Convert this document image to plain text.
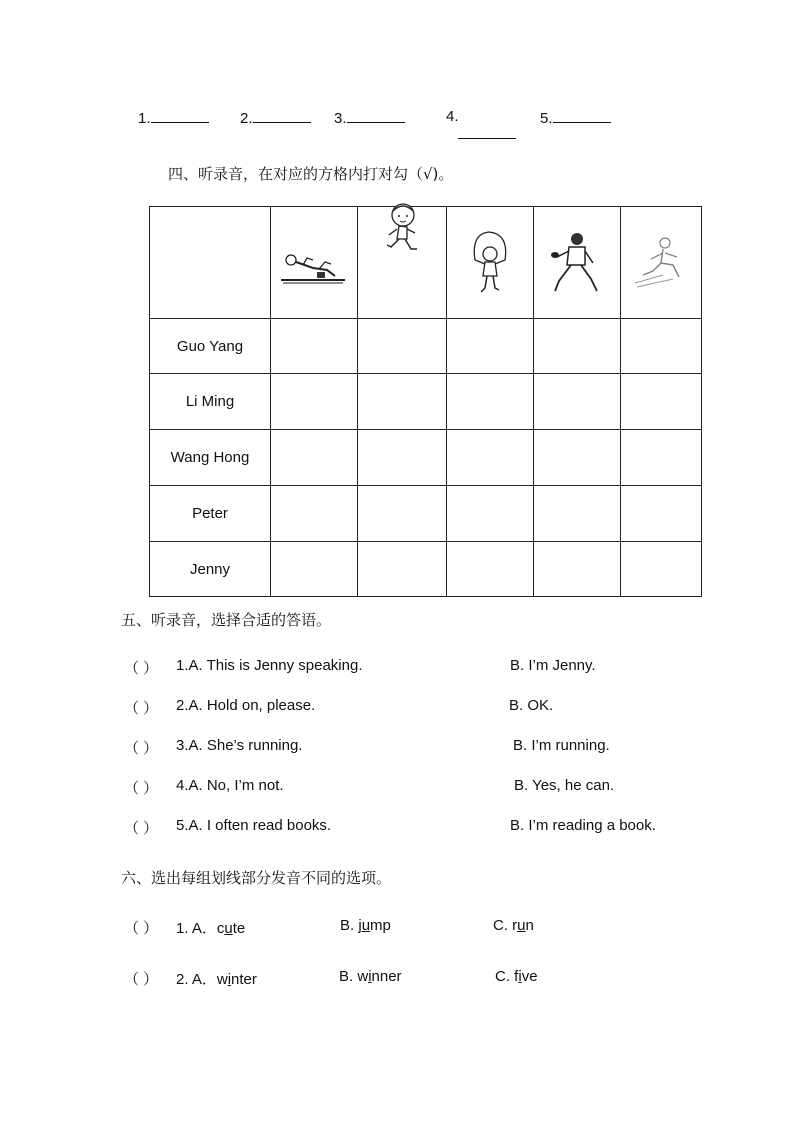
1.	2.	3.	4.	5.
四、听录音，在对应的方格内打对勾（√)。

Guo Yang					
Li Ming					
Wang Hong					
Peter					
Jenny					
五、听录音，选择合适的答语。
（ ） 1.A. This is Jenny speaking.	B. I’m Jenny.
（ ） 2.A. Hold on, please.	B. OK.
（ ） 3.A. She’s running.	B. I’m running.
（ ） 4.A. No, I’m not.	B. Yes, he can.
（ ） 5.A. I often read books.	B. I’m reading a book.
六、选出每组划线部分发音不同的选项。
（ ） 1. A．cute	B. jump	C. run
（ ） 2. A．winter	B. winner	C. five
